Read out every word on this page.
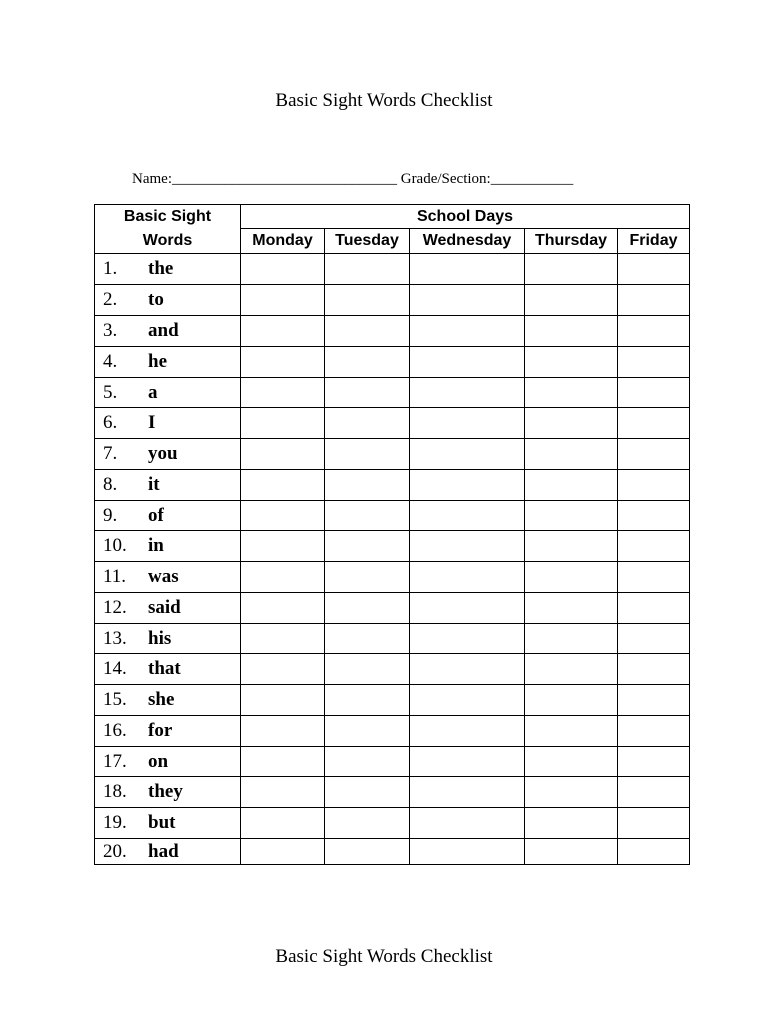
Basic Sight Words Checklist
Name:______________________________ Grade/Section:___________
Basic Sight Words	School Days				
	Monday	Tuesday	Wednesday	Thursday	Friday
1. the					
2. to					
3. and					
4. he					
5. a					
6. I					
7. you					
8. it					
9. of					
10. in					
11. was					
12. said					
13. his					
14. that					
15. she					
16. for					
17. on					
18. they					
19. but					
20. had					
Basic Sight Words Checklist
